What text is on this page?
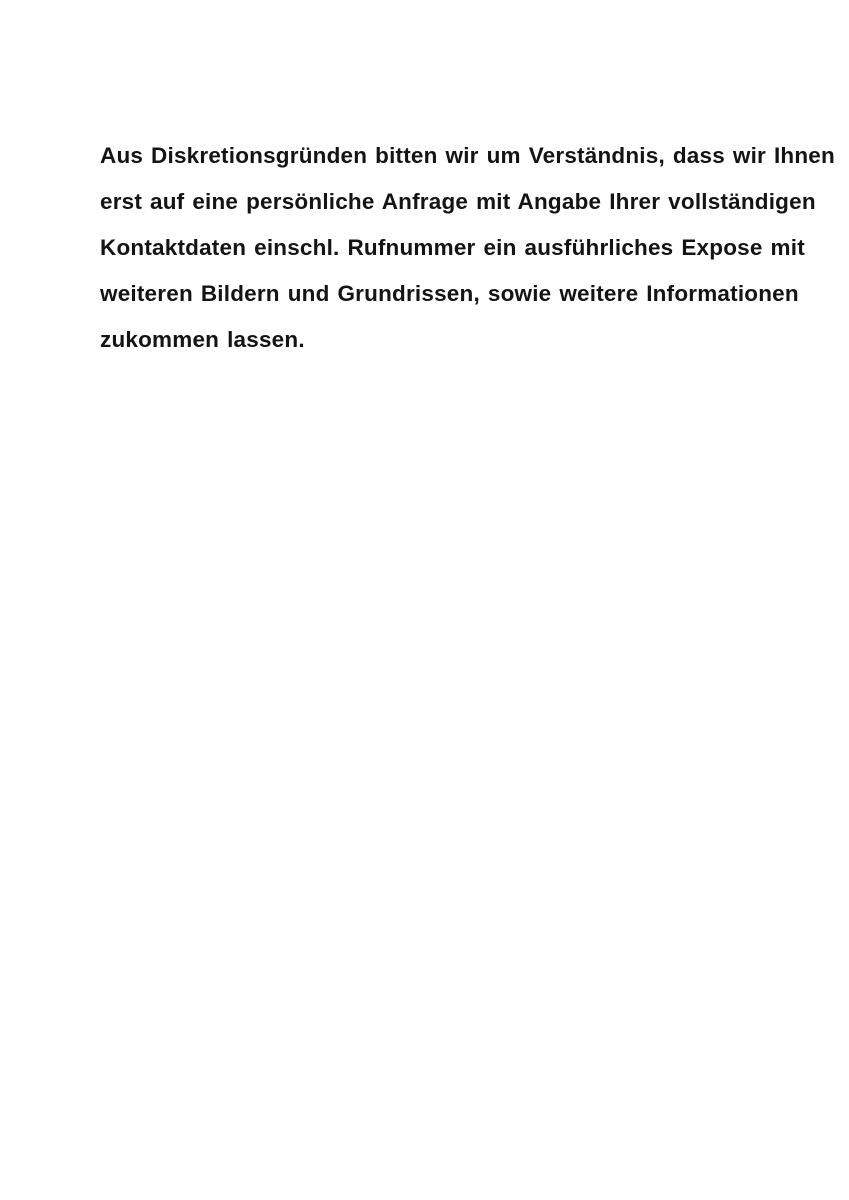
Aus Diskretionsgründen bitten wir um Verständnis, dass wir Ihnen
erst auf eine persönliche Anfrage mit Angabe Ihrer vollständigen
Kontaktdaten einschl. Rufnummer ein ausführliches Expose mit
weiteren Bildern und Grundrissen, sowie weitere Informationen
zukommen lassen.
